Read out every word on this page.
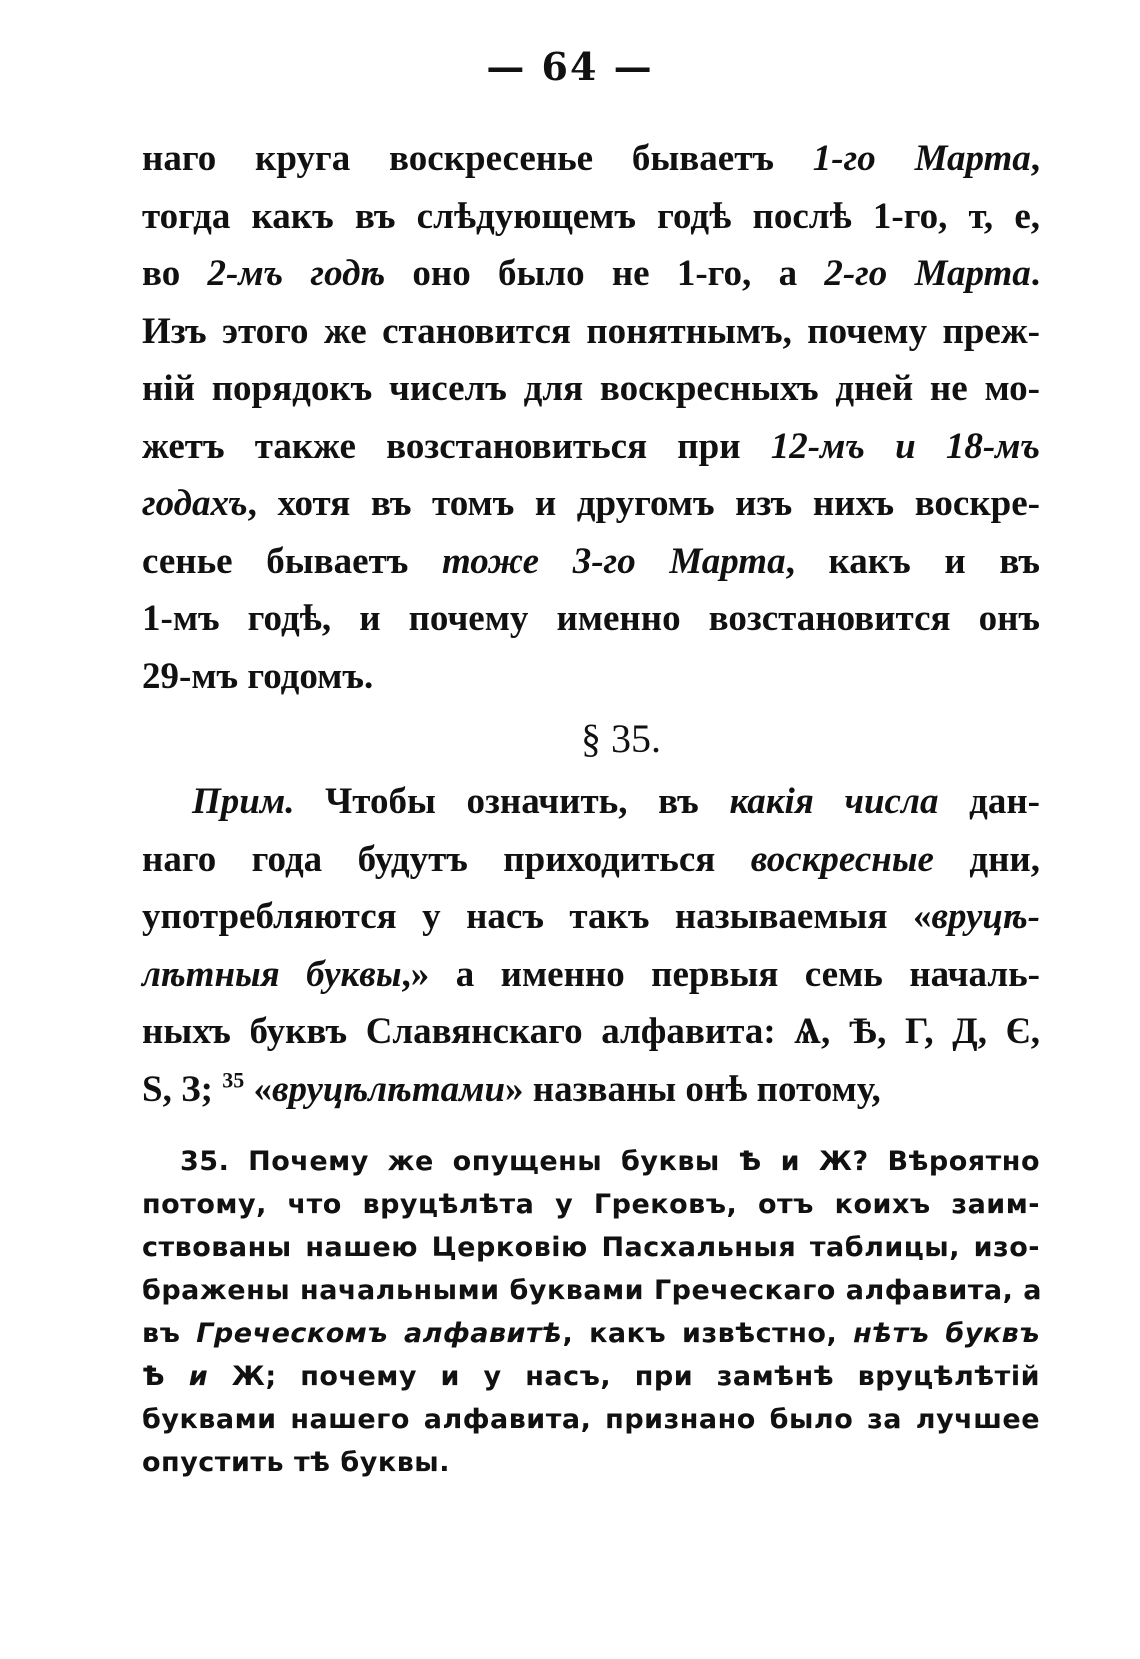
— 64 —
наго круга воскресенье бываетъ 1-го Марта,
тогда какъ въ слѣдующемъ годѣ послѣ 1-го, т, е,
во 2-мъ годѣ оно было не 1-го, а 2-го Марта.
Изъ этого же становится понятнымъ, почему преж-
ній порядокъ чиселъ для воскресныхъ дней не мо-
жетъ также возстановиться при 12-мъ и 18-мъ
годахъ, хотя въ томъ и другомъ изъ нихъ воскре-
сенье бываетъ тоже 3-го Марта, какъ и въ
1-мъ годѣ, и почему именно возстановится онъ
29-мъ годомъ.
§ 35.
Прим. Чтобы означить, въ какія числа дан-
наго года будутъ приходиться воскресные дни,
употребляются у насъ такъ называемыя «вруцѣ-
лѣтныя буквы,» а именно первыя семь началь-
ныхъ буквъ Славянскаго алфавита: Ѧ, Ѣ, Г, Д, Є,
Ѕ, З; $^{35}$ «вруцѣлѣтами» названы онѣ потому,
35. Почему же опущены буквы Ѣ и Ж? Вѣроятно
потому, что вруцѣлѣта у Грековъ, отъ коихъ заим-
ствованы нашею Церковію Пасхальныя таблицы, изо-
бражены начальными буквами Греческаго алфавита, а
въ Греческомъ алфавитѣ, какъ извѣстно, нѣтъ буквъ
Ѣ и Ж; почему и у насъ, при замѣнѣ вруцѣлѣтій
буквами нашего алфавита, признано было за лучшее
опустить тѣ буквы.
